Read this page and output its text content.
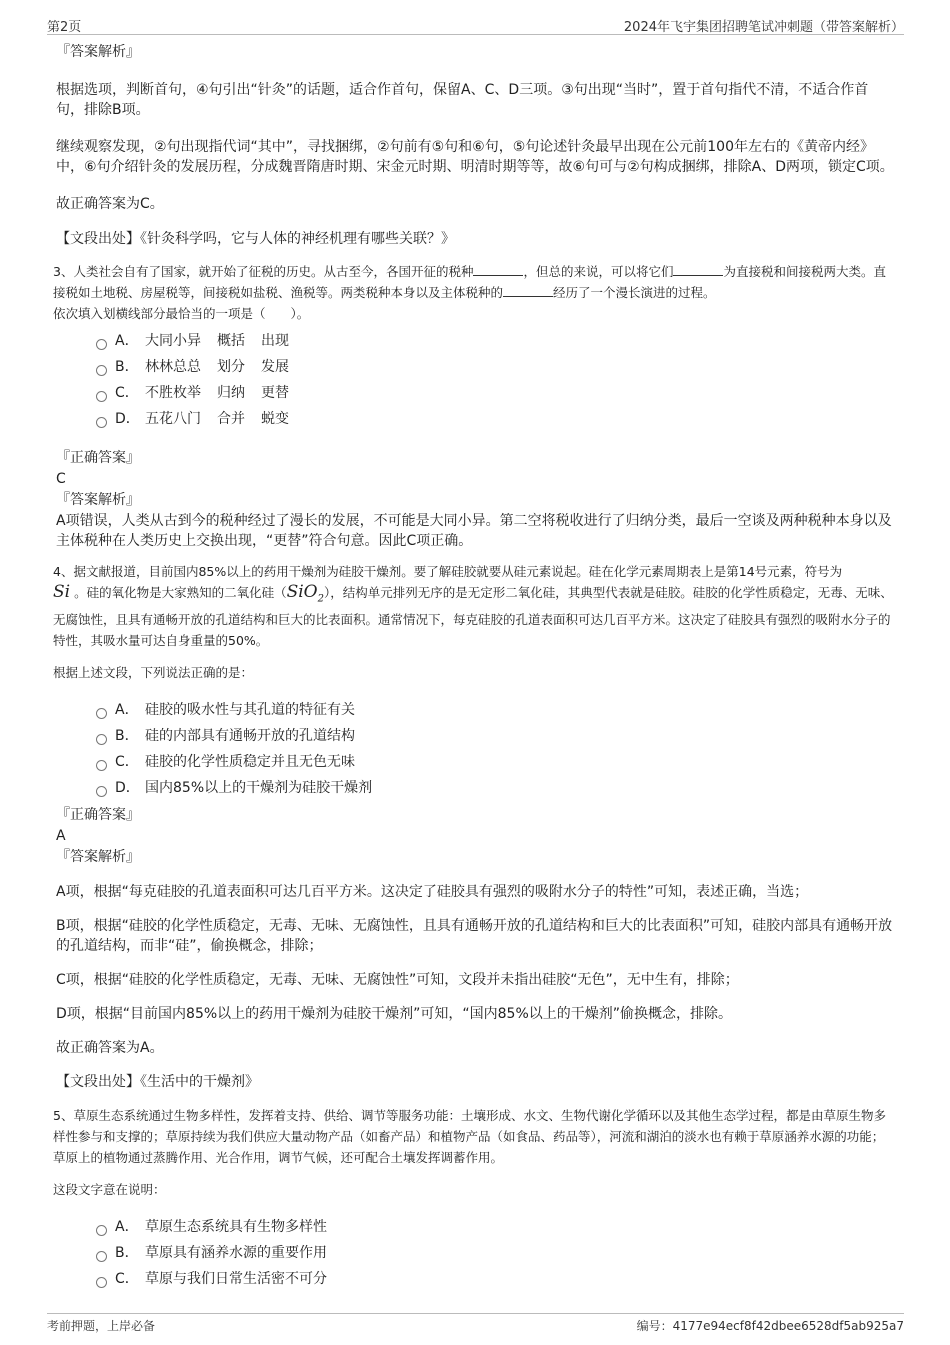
第2页	2024年飞宇集团招聘笔试冲刺题（带答案解析）
『答案解析』
根据选项，判断首句，④句引出“针灸”的话题，适合作首句，保留A、C、D三项。③句出现“当时”，置于首句指代不清，不适合作首句，排除B项。
继续观察发现，②句出现指代词“其中”，寻找捆绑，②句前有⑤句和⑥句，⑤句论述针灸最早出现在公元前100年左右的《黄帝内经》中，⑥句介绍针灸的发展历程，分成魏晋隋唐时期、宋金元时期、明清时期等等，故⑥句可与②句构成捆绑，排除A、D两项，锁定C项。
故正确答案为C。
【文段出处】《针灸科学吗，它与人体的神经机理有哪些关联？》
3、人类社会自有了国家，就开始了征税的历史。从古至今，各国开征的税种	，但总的来说，可以将它们	为直接税和间接税两大类。直接税如土地税、房屋税等，间接税如盐税、渔税等。两类税种本身以及主体税种的	经历了一个漫长演进的过程。
依次填入划横线部分最恰当的一项是（　　）。
A． 大同小异 概括 出现
B． 林林总总 划分 发展
C． 不胜枚举 归纳 更替
D． 五花八门 合并 蜕变
『正确答案』
C
『答案解析』
A项错误，人类从古到今的税种经过了漫长的发展，不可能是大同小异。第二空将税收进行了归纳分类，最后一空谈及两种税种本身以及主体税种在人类历史上交换出现，“更替”符合句意。因此C项正确。
4、据文献报道，目前国内85%以上的药用干燥剂为硅胶干燥剂。要了解硅胶就要从硅元素说起。硅在化学元素周期表上是第14号元素，符号为
Si 。硅的氧化物是大家熟知的二氧化硅（SiO$_2$），结构单元排列无序的是无定形二氧化硅，其典型代表就是硅胶。硅胶的化学性质稳定，无毒、无味、无腐蚀性，且具有通畅开放的孔道结构和巨大的比表面积。通常情况下，每克硅胶的孔道表面积可达几百平方米。这决定了硅胶具有强烈的吸附水分子的特性，其吸水量可达自身重量的50%。
根据上述文段，下列说法正确的是：
A． 硅胶的吸水性与其孔道的特征有关
B． 硅的内部具有通畅开放的孔道结构
C． 硅胶的化学性质稳定并且无色无味
D． 国内85%以上的干燥剂为硅胶干燥剂
『正确答案』
A
『答案解析』
A项，根据“每克硅胶的孔道表面积可达几百平方米。这决定了硅胶具有强烈的吸附水分子的特性”可知，表述正确，当选；
B项，根据“硅胶的化学性质稳定，无毒、无味、无腐蚀性，且具有通畅开放的孔道结构和巨大的比表面积”可知，硅胶内部具有通畅开放的孔道结构，而非“硅”，偷换概念，排除；
C项，根据“硅胶的化学性质稳定，无毒、无味、无腐蚀性”可知，文段并未指出硅胶“无色”，无中生有，排除；
D项，根据“目前国内85%以上的药用干燥剂为硅胶干燥剂”可知，“国内85%以上的干燥剂”偷换概念，排除。
故正确答案为A。
【文段出处】《生活中的干燥剂》
5、草原生态系统通过生物多样性，发挥着支持、供给、调节等服务功能：土壤形成、水文、生物代谢化学循环以及其他生态学过程，都是由草原生物多样性参与和支撑的；草原持续为我们供应大量动物产品（如畜产品）和植物产品（如食品、药品等），河流和湖泊的淡水也有赖于草原涵养水源的功能；草原上的植物通过蒸腾作用、光合作用，调节气候，还可配合土壤发挥调蓄作用。
这段文字意在说明：
A． 草原生态系统具有生物多样性
B． 草原具有涵养水源的重要作用
C． 草原与我们日常生活密不可分
考前押题，上岸必备	编号：4177e94ecf8f42dbee6528df5ab925a7
